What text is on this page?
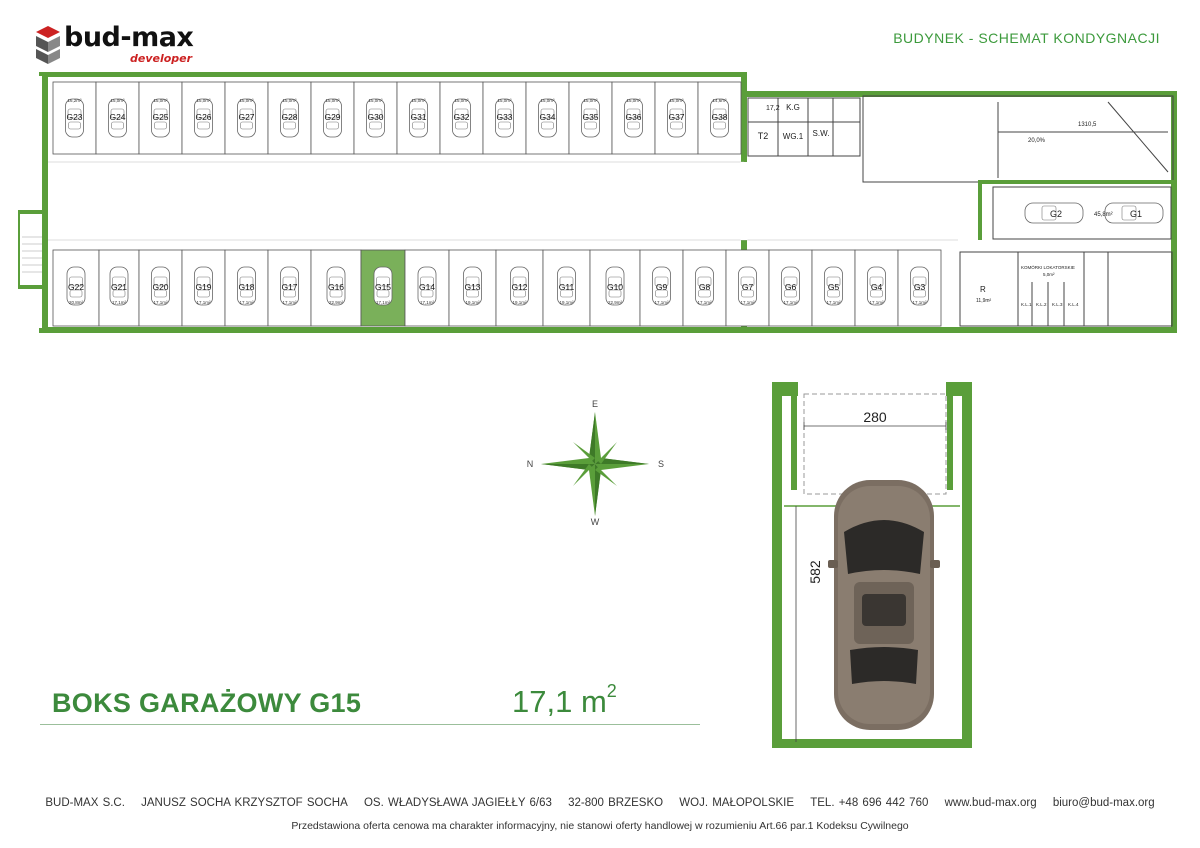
bud-max
developer
BUDYNEK - SCHEMAT KONDYGNACJI
17,2 K.G
T2 WG.1 S.W.
1310,5
20,0%
G2	G1
45,8m²
R
11,9m²
KOMÓRKI LOKATORSKIE
5,0m²
K.L.1 K.L.2 K.L.3 K.L.4
G23
16,2m²
G24
15,0m²
G25
15,0m²
G26
15,0m²
G27
15,0m²
G28
15,0m²
G29
15,0m²
G30
15,0m²
G31
15,0m²
G32
15,0m²
G33
15,0m²
G34
15,0m²
G35
15,0m²
G36
15,0m²
G37
15,0m²
G38
14,6m²
G22
20,8m²
G21
17,1m²
G20
17,1m²
G19
17,1m²
G18
17,1m²
G17
17,1m²
G16
22,9m²
G15
17,1m²
G14
17,1m²
G13
19,1m²
G12
19,1m²
G11
19,1m²
G10
22,9m²
G9
17,1m²
G8
17,1m²
G7
17,1m²
G6
17,1m²
G5
17,1m²
G4
17,1m²
G3
17,1m²
E
S
W
N
280
582
BOKS GARAŻOWY G15	17,1 $m^2$
BUD-MAX S.C. JANUSZ SOCHA KRZYSZTOF SOCHA OS. WŁADYSŁAWA JAGIEŁŁY 6/63 32-800 BRZESKO WOJ. MAŁOPOLSKIE TEL. +48 696 442 760 www.bud-max.org biuro@bud-max.org
Przedstawiona oferta cenowa ma charakter informacyjny, nie stanowi oferty handlowej w rozumieniu Art.66 par.1 Kodeksu Cywilnego
